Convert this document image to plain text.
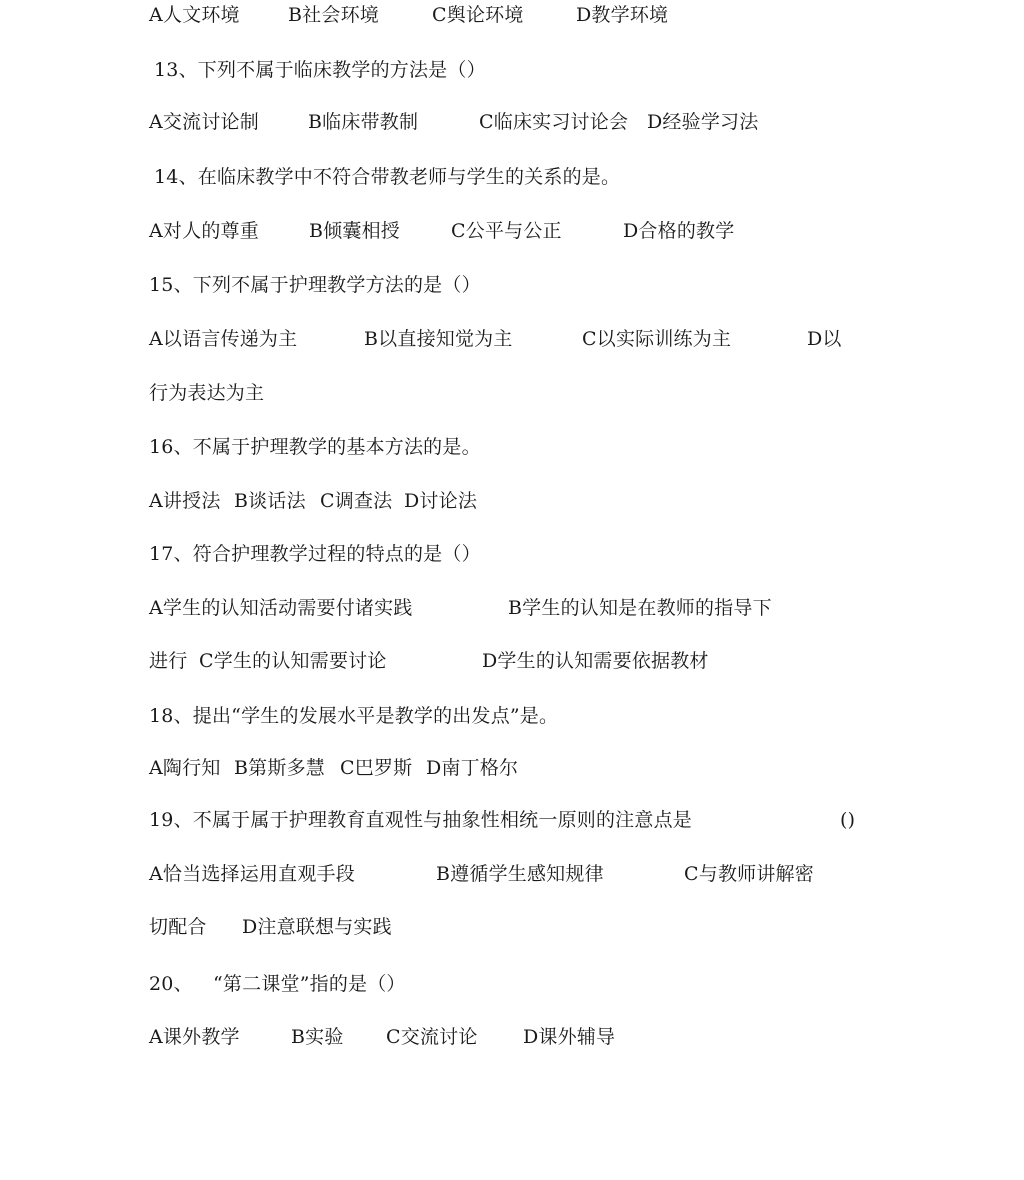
A人文环境

	B社会环境

	C舆论环境

	D教学环境

13、下列不属于临床教学的方法是（）

A交流讨论制

	B临床带教制

	C临床实习讨论会

D经验学习法

14、在临床教学中不符合带教老师与学生的关系的是。

A对人的尊重

	B倾囊相授

	C公平与公正

	D合格的教学

15、下列不属于护理教学方法的是（）

A以语言传递为主

	B以直接知觉为主

	C以实际训练为主

	D以

行为表达为主

16、不属于护理教学的基本方法的是。

A讲授法

B谈话法

C调查法

D讨论法

17、符合护理教学过程的特点的是（）

A学生的认知活动需要付诸实践

	B学生的认知是在教师的指导下

进行

C学生的认知需要讨论

	D学生的认知需要依据教材

18、提出“学生的发展水平是教学的出发点”是。

A陶行知

B第斯多慧

C巴罗斯

D南丁格尔

19、不属于属于护理教育直观性与抽象性相统一原则的注意点是

	()

A恰当选择运用直观手段

	B遵循学生感知规律

	C与教师讲解密

切配合

D注意联想与实践

20、

“第二课堂”指的是（）

A课外教学

	B实验

C交流讨论

D课外辅导
